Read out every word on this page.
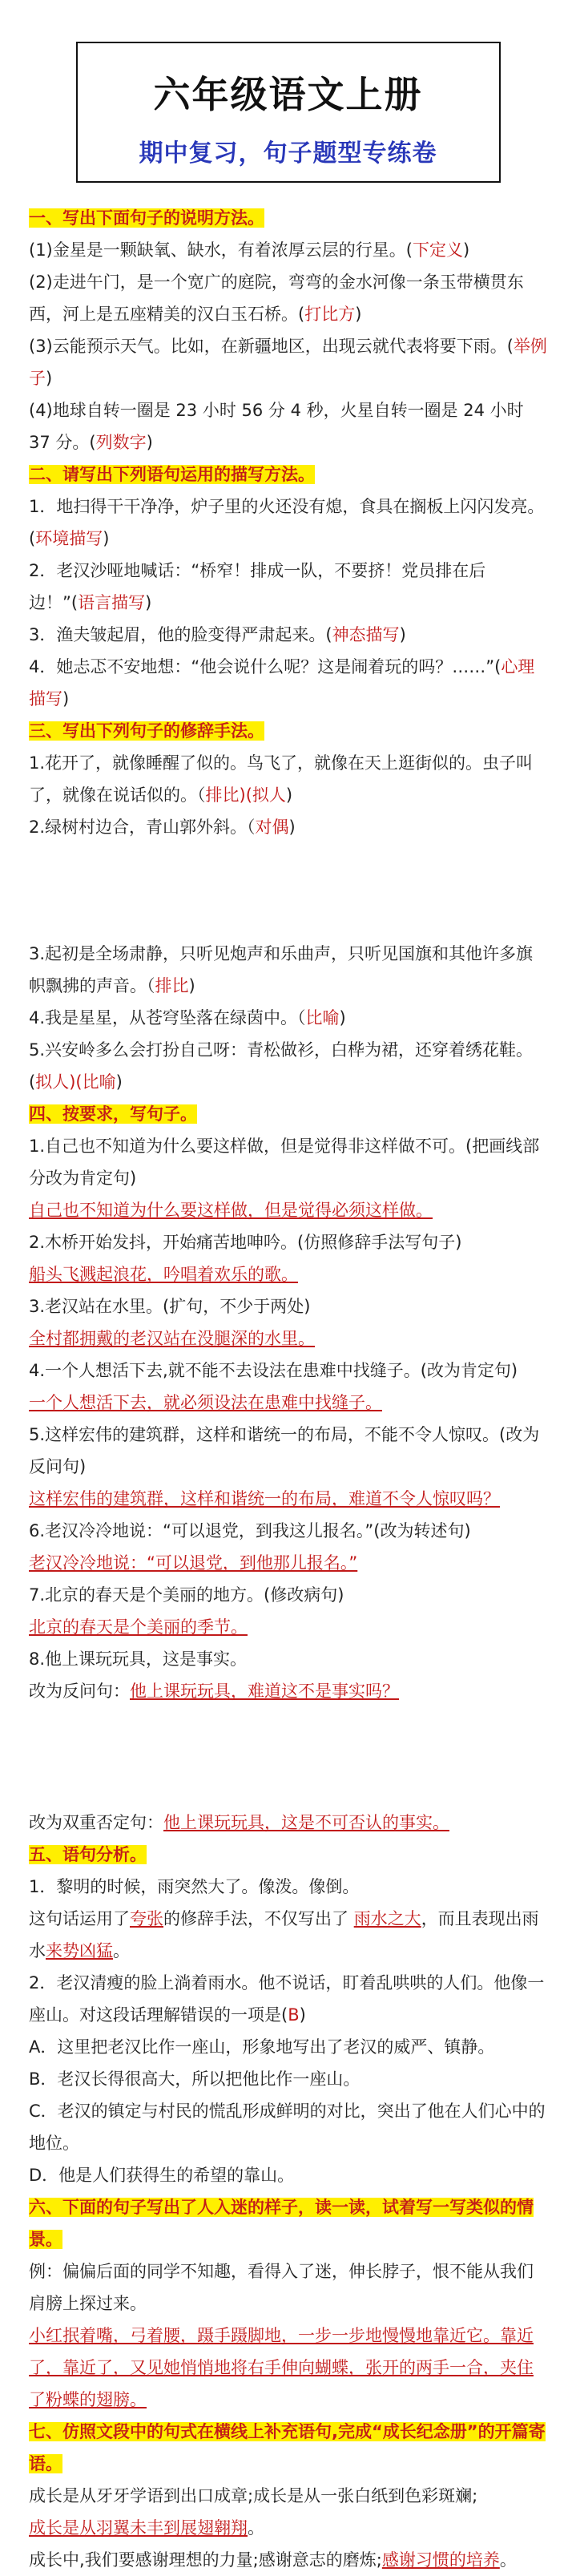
六年级语文上册
期中复习，句子题型专练卷

一、写出下面句子的说明方法。

(1)金星是一颗缺氧、缺水，有着浓厚云层的行星。(下定义)

(2)走进午门，是一个宽广的庭院，弯弯的金水河像一条玉带横贯东西，河上是五座精美的汉白玉石桥。(打比方)

(3)云能预示天气。比如，在新疆地区，出现云就代表将要下雨。(举例子)

(4)地球自转一圈是 23 小时 56 分 4 秒，火星自转一圈是 24 小时 37 分。(列数字)

二、请写出下列语句运用的描写方法。

1．地扫得干干净净，炉子里的火还没有熄，食具在搁板上闪闪发亮。(环境描写)

2．老汉沙哑地喊话：“桥窄！排成一队，不要挤！党员排在后边！”(语言描写)

3．渔夫皱起眉，他的脸变得严肃起来。(神态描写)

4．她忐忑不安地想：“他会说什么呢？这是闹着玩的吗？……”(心理描写)

三、写出下列句子的修辞手法。

1.花开了，就像睡醒了似的。鸟飞了，就像在天上逛街似的。虫子叫了，就像在说话似的。（排比)(拟人)

2.绿树村边合，青山郭外斜。（对偶)

3.起初是全场肃静，只听见炮声和乐曲声，只听见国旗和其他许多旗帜飘拂的声音。（排比)

4.我是星星，从苍穹坠落在绿茵中。（比喻)

5.兴安岭多么会打扮自己呀：青松做衫，白桦为裙，还穿着绣花鞋。(拟人)(比喻)

四、按要求，写句子。

1.自己也不知道为什么要这样做，但是觉得非这样做不可。(把画线部分改为肯定句)

自己也不知道为什么要这样做，但是觉得必须这样做。

2.木桥开始发抖，开始痛苦地呻吟。(仿照修辞手法写句子)

船头飞溅起浪花，吟唱着欢乐的歌。

3.老汉站在水里。(扩句，不少于两处)

全村都拥戴的老汉站在没腿深的水里。

4.一个人想活下去,就不能不去设法在患难中找缝子。(改为肯定句)

一个人想活下去，就必须设法在患难中找缝子。

5.这样宏伟的建筑群，这样和谐统一的布局，不能不令人惊叹。(改为反问句)

这样宏伟的建筑群，这样和谐统一的布局，难道不令人惊叹吗？

6.老汉冷冷地说：“可以退党，到我这儿报名。”(改为转述句)

老汉冷冷地说：“可以退党，到他那儿报名。”

7.北京的春天是个美丽的地方。(修改病句)

北京的春天是个美丽的季节。

8.他上课玩玩具，这是事实。

改为反问句：他上课玩玩具，难道这不是事实吗？

改为双重否定句：他上课玩玩具，这是不可否认的事实。

五、语句分析。

1．黎明的时候，雨突然大了。像泼。像倒。

这句话运用了夸张的修辞手法，不仅写出了 雨水之大，而且表现出雨水来势凶猛。

2．老汉清瘦的脸上淌着雨水。他不说话，盯着乱哄哄的人们。他像一座山。对这段话理解错误的一项是(B)

A．这里把老汉比作一座山，形象地写出了老汉的威严、镇静。

B．老汉长得很高大，所以把他比作一座山。

C．老汉的镇定与村民的慌乱形成鲜明的对比，突出了他在人们心中的地位。

D．他是人们获得生的希望的靠山。

六、下面的句子写出了人入迷的样子，读一读，试着写一写类似的情景。

例：偏偏后面的同学不知趣，看得入了迷，伸长脖子，恨不能从我们肩膀上探过来。

小红抿着嘴，弓着腰，蹑手蹑脚地，一步一步地慢慢地靠近它。靠近了，靠近了，又见她悄悄地将右手伸向蝴蝶，张开的两手一合，夹住了粉蝶的翅膀。

七、仿照文段中的句式在横线上补充语句,完成“成长纪念册”的开篇寄语。

成长是从牙牙学语到出口成章;成长是从一张白纸到色彩斑斓;

成长是从羽翼未丰到展翅翱翔。

成长中,我们要感谢理想的力量;感谢意志的磨炼;感谢习惯的培养。
